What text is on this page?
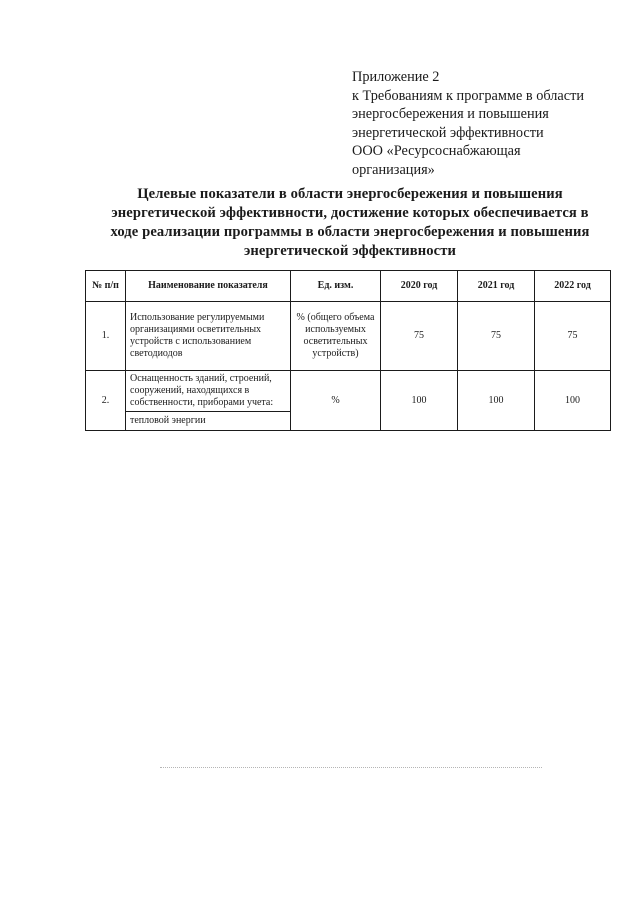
Приложение 2
к Требованиям к программе в области
энергосбережения и повышения
энергетической эффективности
ООО «Ресурсоснабжающая
организация»
Целевые показатели в области энергосбережения и повышения
энергетической эффективности, достижение которых обеспечивается в
ходе реализации программы в области энергосбережения и повышения
энергетической эффективности
№ п/п	Наименование показателя	Ед. изм.	2020 год	2021 год	2022 год
1.	Использование регулируемыми организациями осветительных устройств с использованием светодиодов	% (общего объема используемых осветительных устройств)	75	75	75
2.	Оснащенность зданий, строений, сооружений, находящихся в собственности, приборами учета:	%	100	100	100
	тепловой энергии				
